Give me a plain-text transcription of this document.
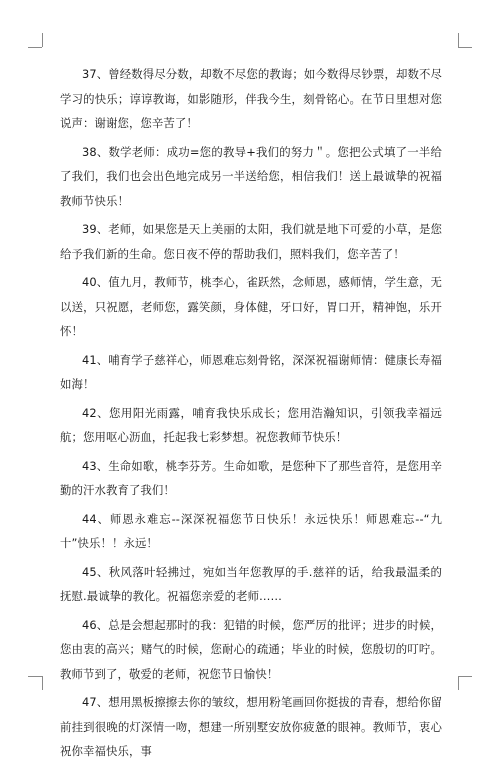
37、曾经数得尽分数，却数不尽您的教诲；如今数得尽钞票，却数不尽学习的快乐；谆谆教诲，如影随形，伴我今生，刻骨铭心。在节日里想对您说声：谢谢您，您辛苦了！

38、数学老师：成功=您的教导+我们的努力＂。您把公式填了一半给了我们，我们也会出色地完成另一半送给您，相信我们！送上最诚挚的祝福教师节快乐！

39、老师，如果您是天上美丽的太阳，我们就是地下可爱的小草，是您给予我们新的生命。您日夜不停的帮助我们，照料我们，您辛苦了！

40、值九月，教师节，桃李心，雀跃然，念师恩，感师情，学生意，无以送，只祝愿，老师您，露笑颜，身体健，牙口好，胃口开，精神饱，乐开怀！

41、哺育学子慈祥心，师恩难忘刻骨铭，深深祝福谢师情：健康长寿福如海！

42、您用阳光雨露，哺育我快乐成长；您用浩瀚知识，引领我幸福远航；您用呕心沥血，托起我七彩梦想。祝您教师节快乐！

43、生命如歌，桃李芬芳。生命如歌，是您种下了那些音符，是您用辛勤的汗水教育了我们！

44、师恩永难忘--深深祝福您节日快乐！永远快乐！师恩难忘--“九十”快乐！！永远！

45、秋风落叶轻拂过，宛如当年您教厚的手.慈祥的话，给我最温柔的抚慰.最诚挚的教化。祝福您亲爱的老师……

46、总是会想起那时的我：犯错的时候，您严厉的批评；进步的时候，您由衷的高兴；赌气的时候，您耐心的疏通；毕业的时候，您殷切的叮咛。教师节到了，敬爱的老师，祝您节日愉快！

47、想用黑板擦擦去你的皱纹，想用粉笔画回你挺拔的青春，想给你留前挂到很晚的灯深情一吻，想建一所别墅安放你疲惫的眼神。教师节，衷心祝你幸福快乐，事
